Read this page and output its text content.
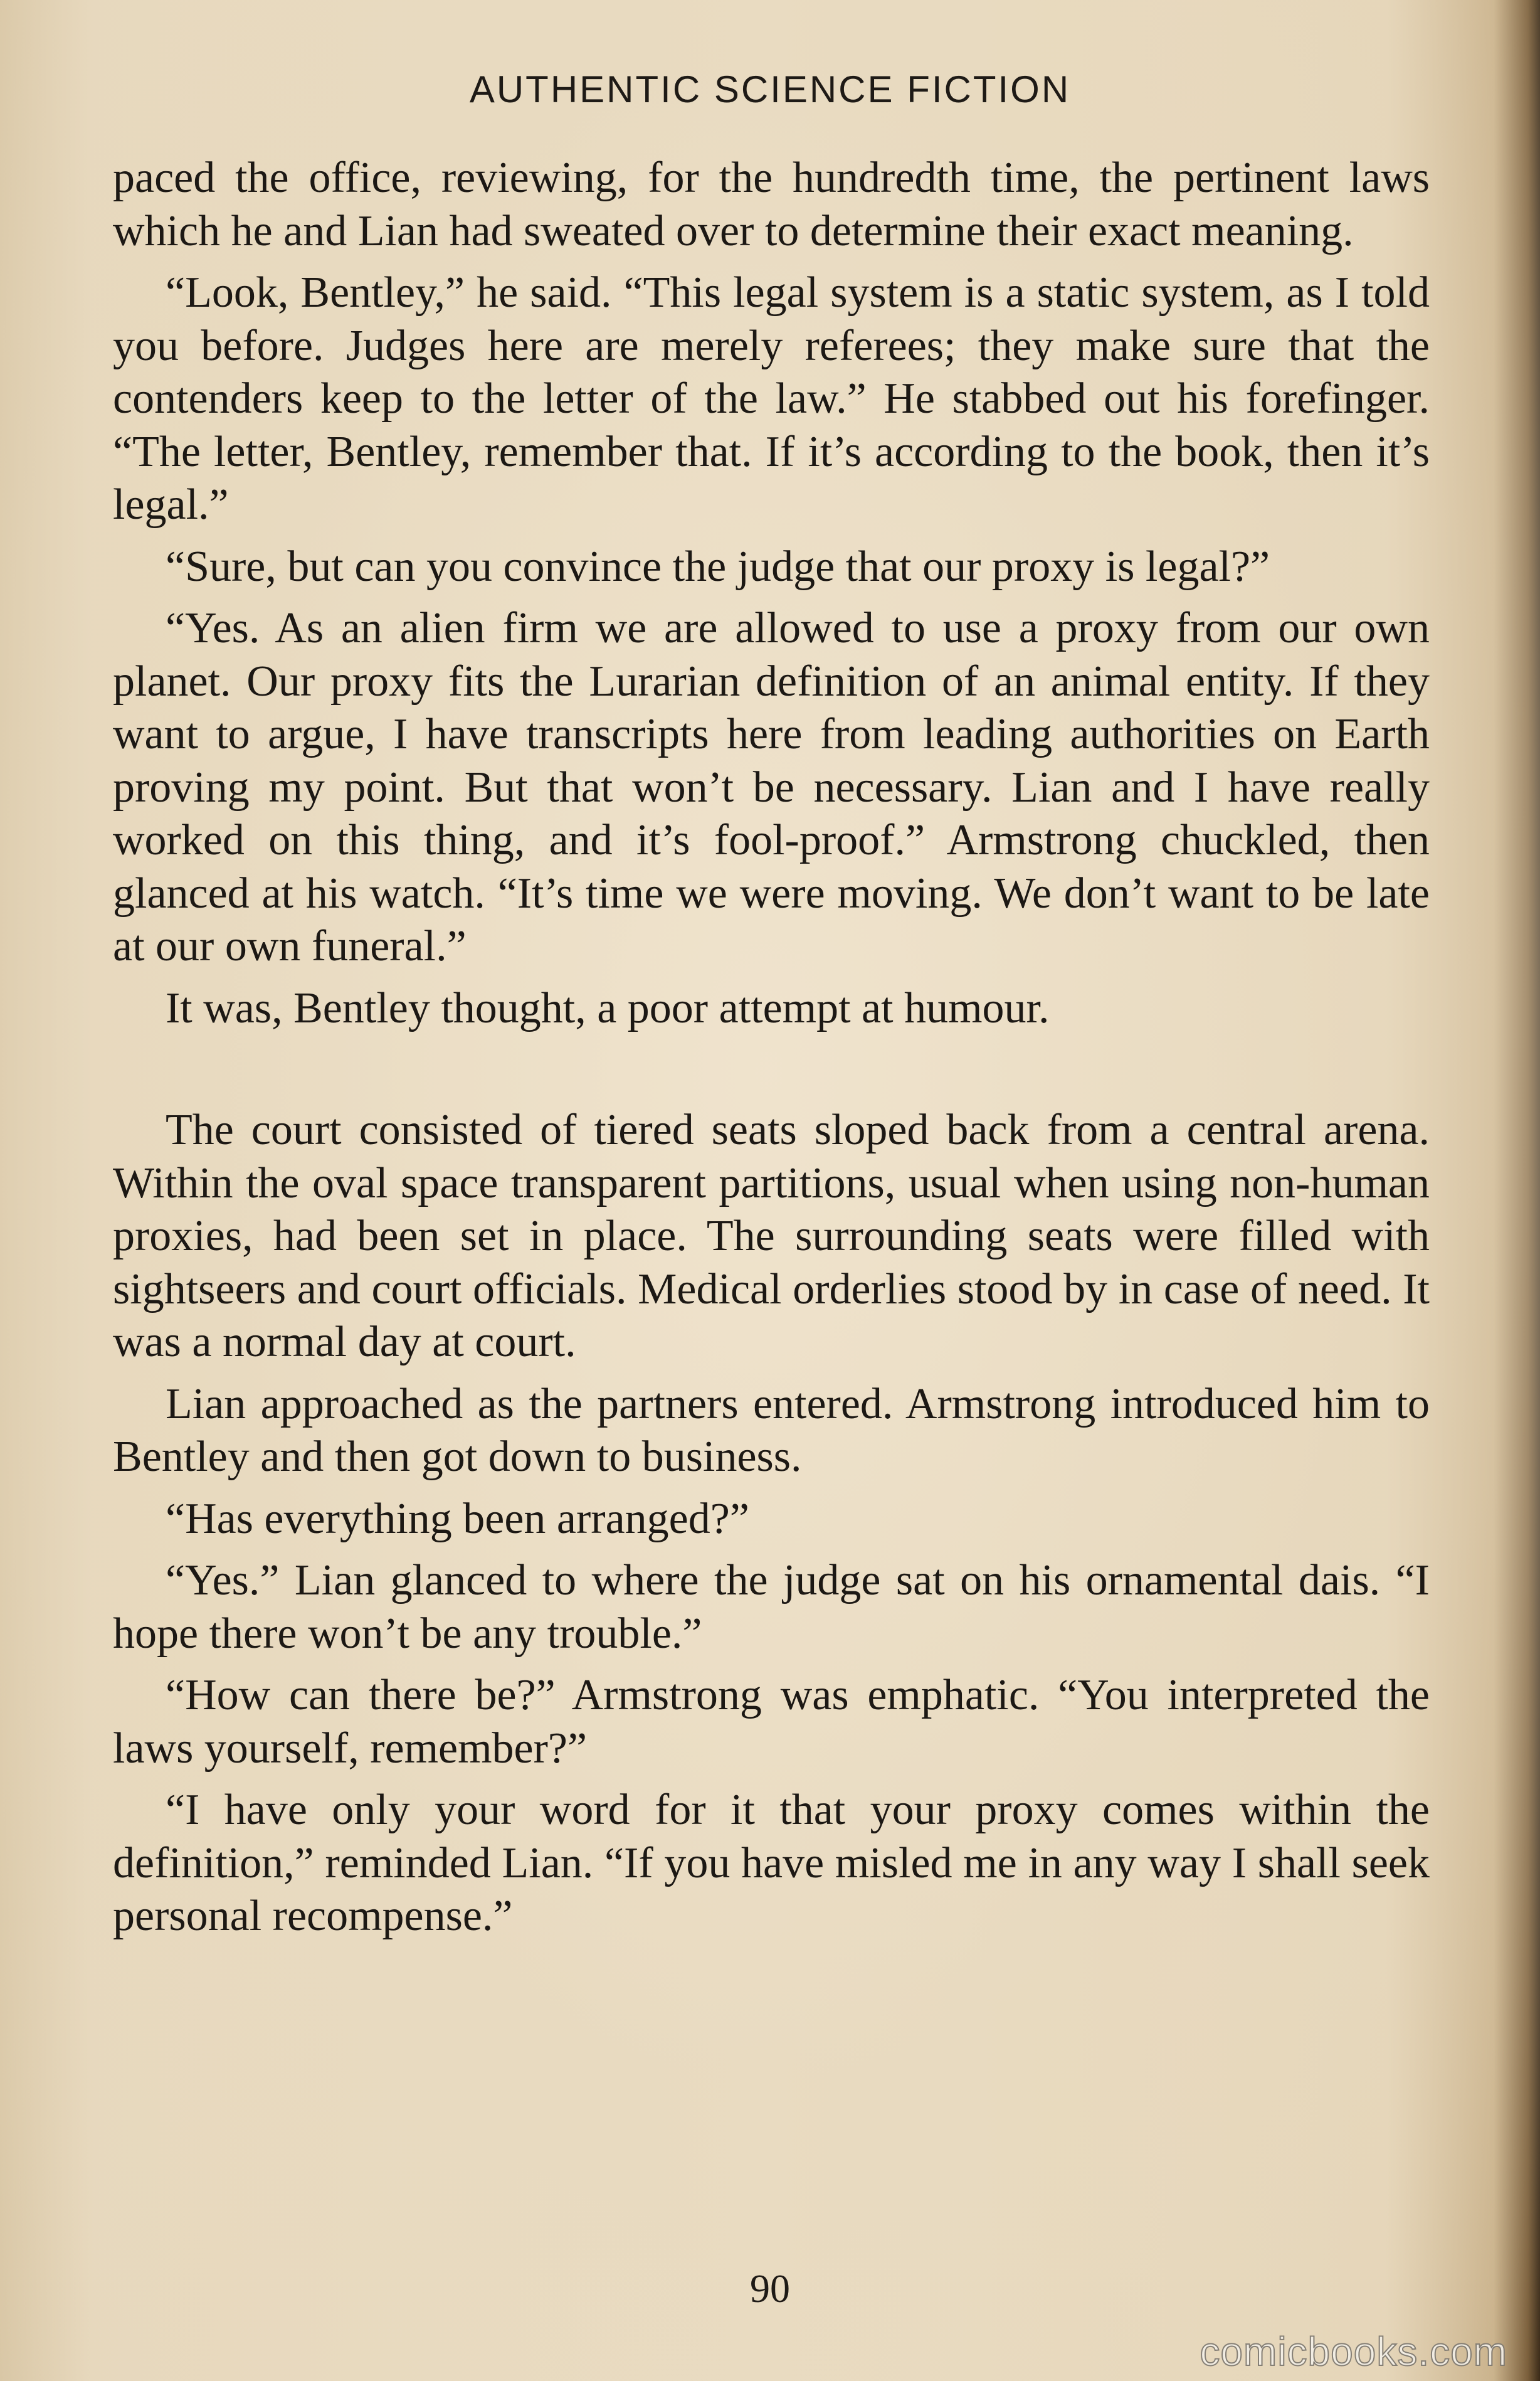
AUTHENTIC SCIENCE FICTION

paced the office, reviewing, for the hundredth time, the pertinent laws which he and Lian had sweated over to determine their exact meaning.

“Look, Bentley,” he said. “This legal system is a static system, as I told you before. Judges here are merely referees; they make sure that the contenders keep to the letter of the law.” He stabbed out his forefinger. “The letter, Bentley, remember that. If it’s according to the book, then it’s legal.”

“Sure, but can you convince the judge that our proxy is legal?”

“Yes. As an alien firm we are allowed to use a proxy from our own planet. Our proxy fits the Lurarian definition of an animal entity. If they want to argue, I have transcripts here from leading authorities on Earth proving my point. But that won’t be necessary. Lian and I have really worked on this thing, and it’s fool-proof.” Armstrong chuckled, then glanced at his watch. “It’s time we were moving. We don’t want to be late at our own funeral.”

It was, Bentley thought, a poor attempt at humour.

The court consisted of tiered seats sloped back from a central arena. Within the oval space transparent partitions, usual when using non-human proxies, had been set in place. The surrounding seats were filled with sightseers and court officials. Medical orderlies stood by in case of need. It was a normal day at court.

Lian approached as the partners entered. Armstrong introduced him to Bentley and then got down to business.

“Has everything been arranged?”

“Yes.” Lian glanced to where the judge sat on his ornamental dais. “I hope there won’t be any trouble.”

“How can there be?” Armstrong was emphatic. “You interpreted the laws yourself, remember?”

“I have only your word for it that your proxy comes within the definition,” reminded Lian. “If you have misled me in any way I shall seek personal recompense.”

90
comicbooks.com
